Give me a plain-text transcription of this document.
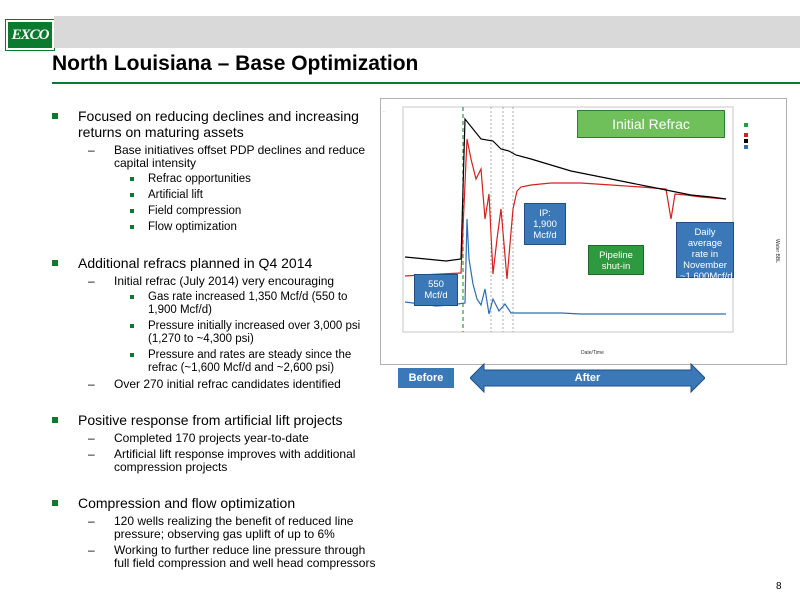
EXCO
North Louisiana – Base Optimization
Focused on reducing declines and increasing returns on maturing assets
– Base initiatives offset PDP declines and reduce capital intensity
Refrac opportunities
Artificial lift
Field compression
Flow optimization
Additional refracs planned in Q4 2014
– Initial refrac (July 2014) very encouraging
Gas rate increased 1,350 Mcf/d (550 to 1,900 Mcf/d)
Pressure initially increased over 3,000 psi (1,270 to ~4,300 psi)
Pressure and rates are steady since the refrac (~1,600 Mcf/d and ~2,600 psi)
– Over 270 initial refrac candidates identified
Positive response from artificial lift projects
– Completed 170 projects year-to-date
– Artificial lift response improves with additional compression projects
Compression and flow optimization
– 120 wells realizing the benefit of reduced line pressure; observing gas uplift of up to 6%
– Working to further reduce line pressure through full field compression and well head compressors
··
Date/Time
Water BBL
Initial Refrac
550 Mcf/d
IP: 1,900 Mcf/d
Pipeline shut-in
Daily average rate in November ~1,600Mcf/d
Before	After
8
